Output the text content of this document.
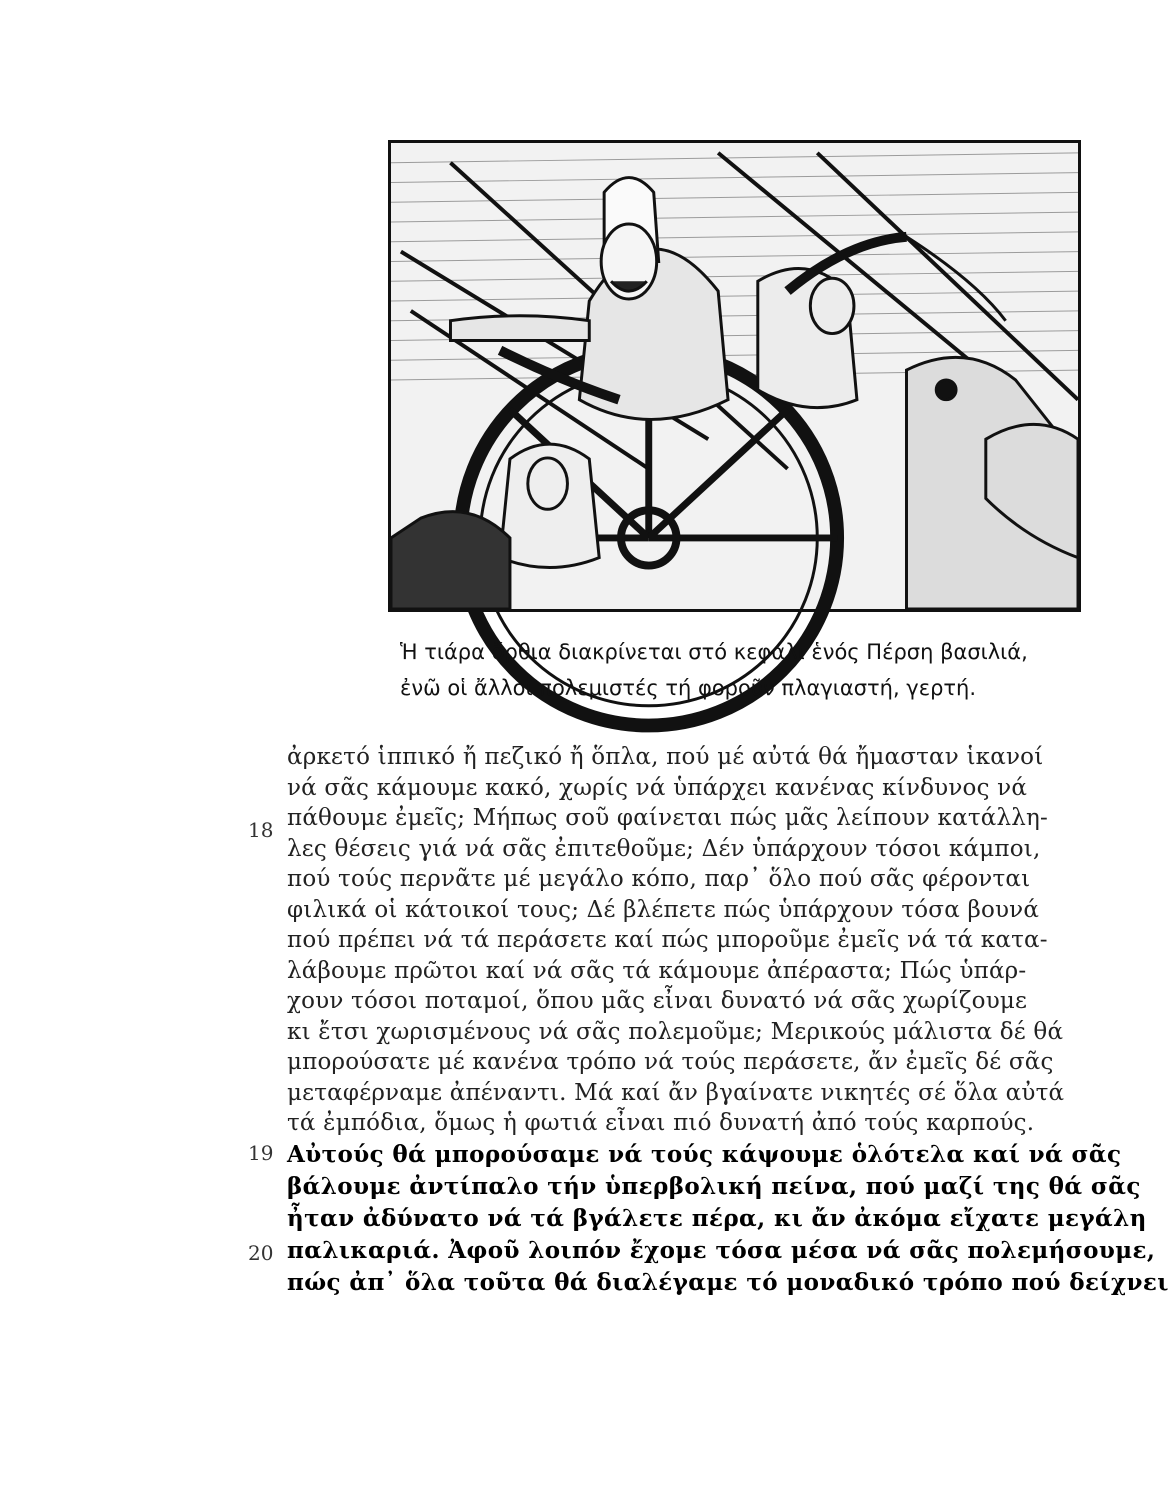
Ἡ τιάρα ὄρθια διακρίνεται στό κεφάλι ἑνός Πέρση βασιλιά,
ἐνῶ οἱ ἄλλοι πολεμιστές τή φοροῦν πλαγιαστή, γερτή.
18
19
20
ἀρκετό ἱππικό ἤ πεζικό ἤ ὅπλα, πού μέ αὐτά θά ἤμασταν ἱκανοί
νά σᾶς κάμουμε κακό, χωρίς νά ὑπάρχει κανένας κίνδυνος νά
πάθουμε ἐμεῖς; Μήπως σοῦ φαίνεται πώς μᾶς λείπουν κατάλλη-
λες θέσεις γιά νά σᾶς ἐπιτεθοῦμε; Δέν ὑπάρχουν τόσοι κάμποι,
πού τούς περνᾶτε μέ μεγάλο κόπο, παρ᾿ ὅλο πού σᾶς φέρονται
φιλικά οἱ κάτοικοί τους; Δέ βλέπετε πώς ὑπάρχουν τόσα βουνά
πού πρέπει νά τά περάσετε καί πώς μποροῦμε ἐμεῖς νά τά κατα-
λάβουμε πρῶτοι καί νά σᾶς τά κάμουμε ἀπέραστα; Πώς ὑπάρ-
χουν τόσοι ποταμοί, ὅπου μᾶς εἶναι δυνατό νά σᾶς χωρίζουμε
κι ἔτσι χωρισμένους νά σᾶς πολεμοῦμε; Μερικούς μάλιστα δέ θά
μπορούσατε μέ κανένα τρόπο νά τούς περάσετε, ἄν ἐμεῖς δέ σᾶς
μεταφέρναμε ἀπέναντι. Μά καί ἄν βγαίνατε νικητές σέ ὅλα αὐτά
τά ἐμπόδια, ὅμως ἡ φωτιά εἶναι πιό δυνατή ἀπό τούς καρπούς.
Αὐτούς θά μπορούσαμε νά τούς κάψουμε ὁλότελα καί νά σᾶς
βάλουμε ἀντίπαλο τήν ὑπερβολική πείνα, πού μαζί της θά σᾶς
ἦταν ἀδύνατο νά τά βγάλετε πέρα, κι ἄν ἀκόμα εἴχατε μεγάλη
παλικαριά. Ἀφοῦ λοιπόν ἔχομε τόσα μέσα νά σᾶς πολεμήσουμε,
πώς ἀπ᾿ ὅλα τοῦτα θά διαλέγαμε τό μοναδικό τρόπο πού δείχνει
